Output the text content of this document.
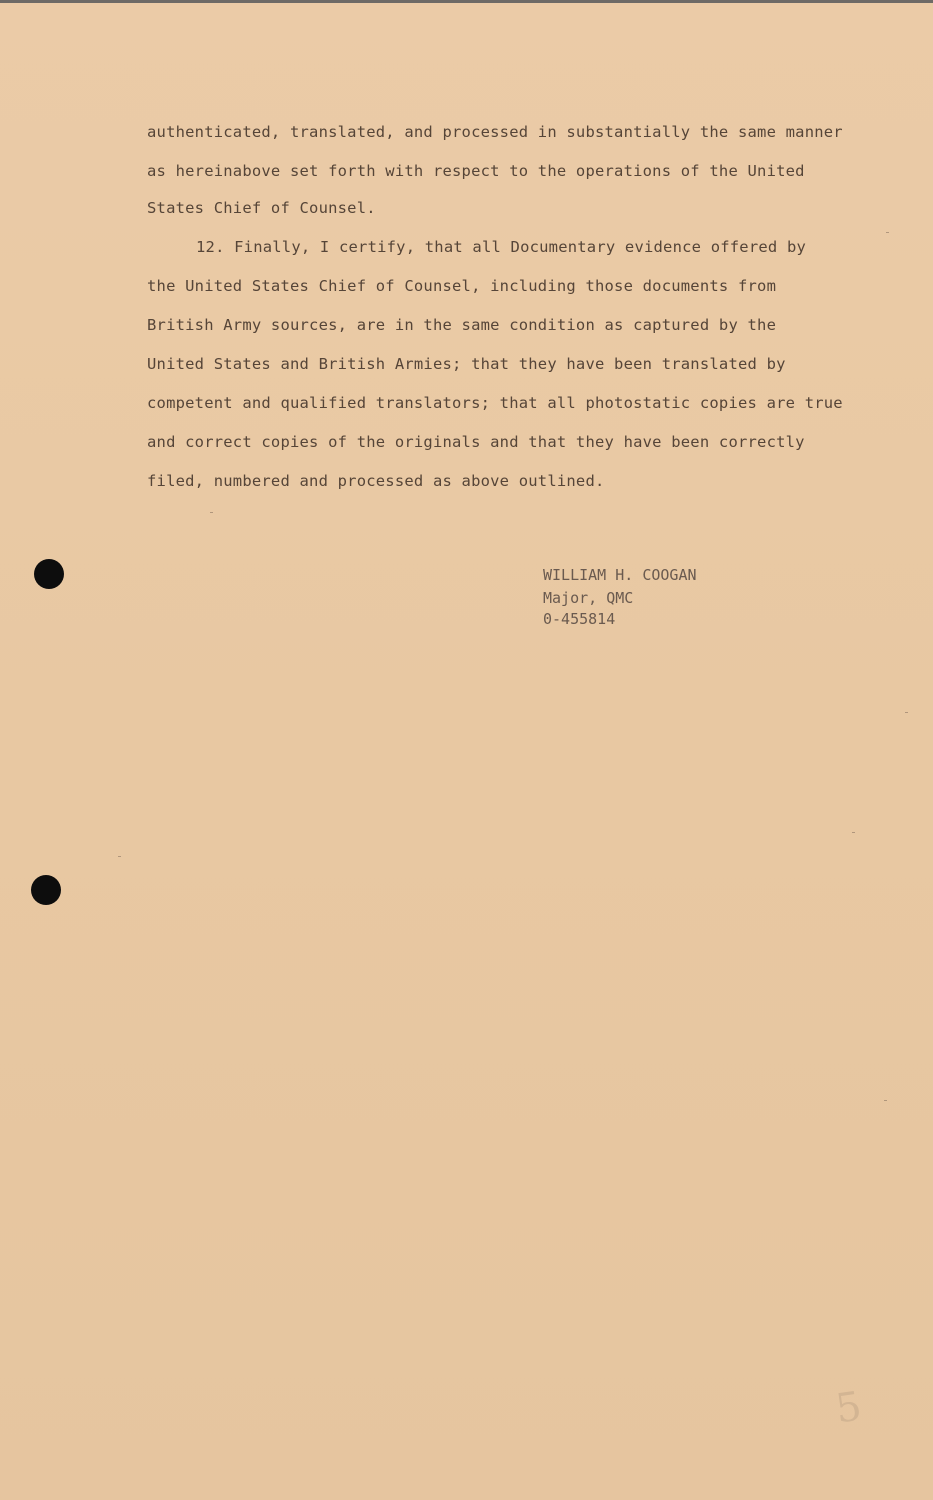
authenticated, translated, and processed in substantially the same manner
as hereinabove set forth with respect to the operations of the United
States Chief of Counsel.
12. Finally, I certify, that all Documentary evidence offered by
the United States Chief of Counsel, including those documents from
British Army sources, are in the same condition as captured by the
United States and British Armies; that they have been translated by
competent and qualified translators; that all photostatic copies are true
and correct copies of the originals and that they have been correctly
filed, numbered and processed as above outlined.
WILLIAM H. COOGAN
Major, QMC
0-455814
5
